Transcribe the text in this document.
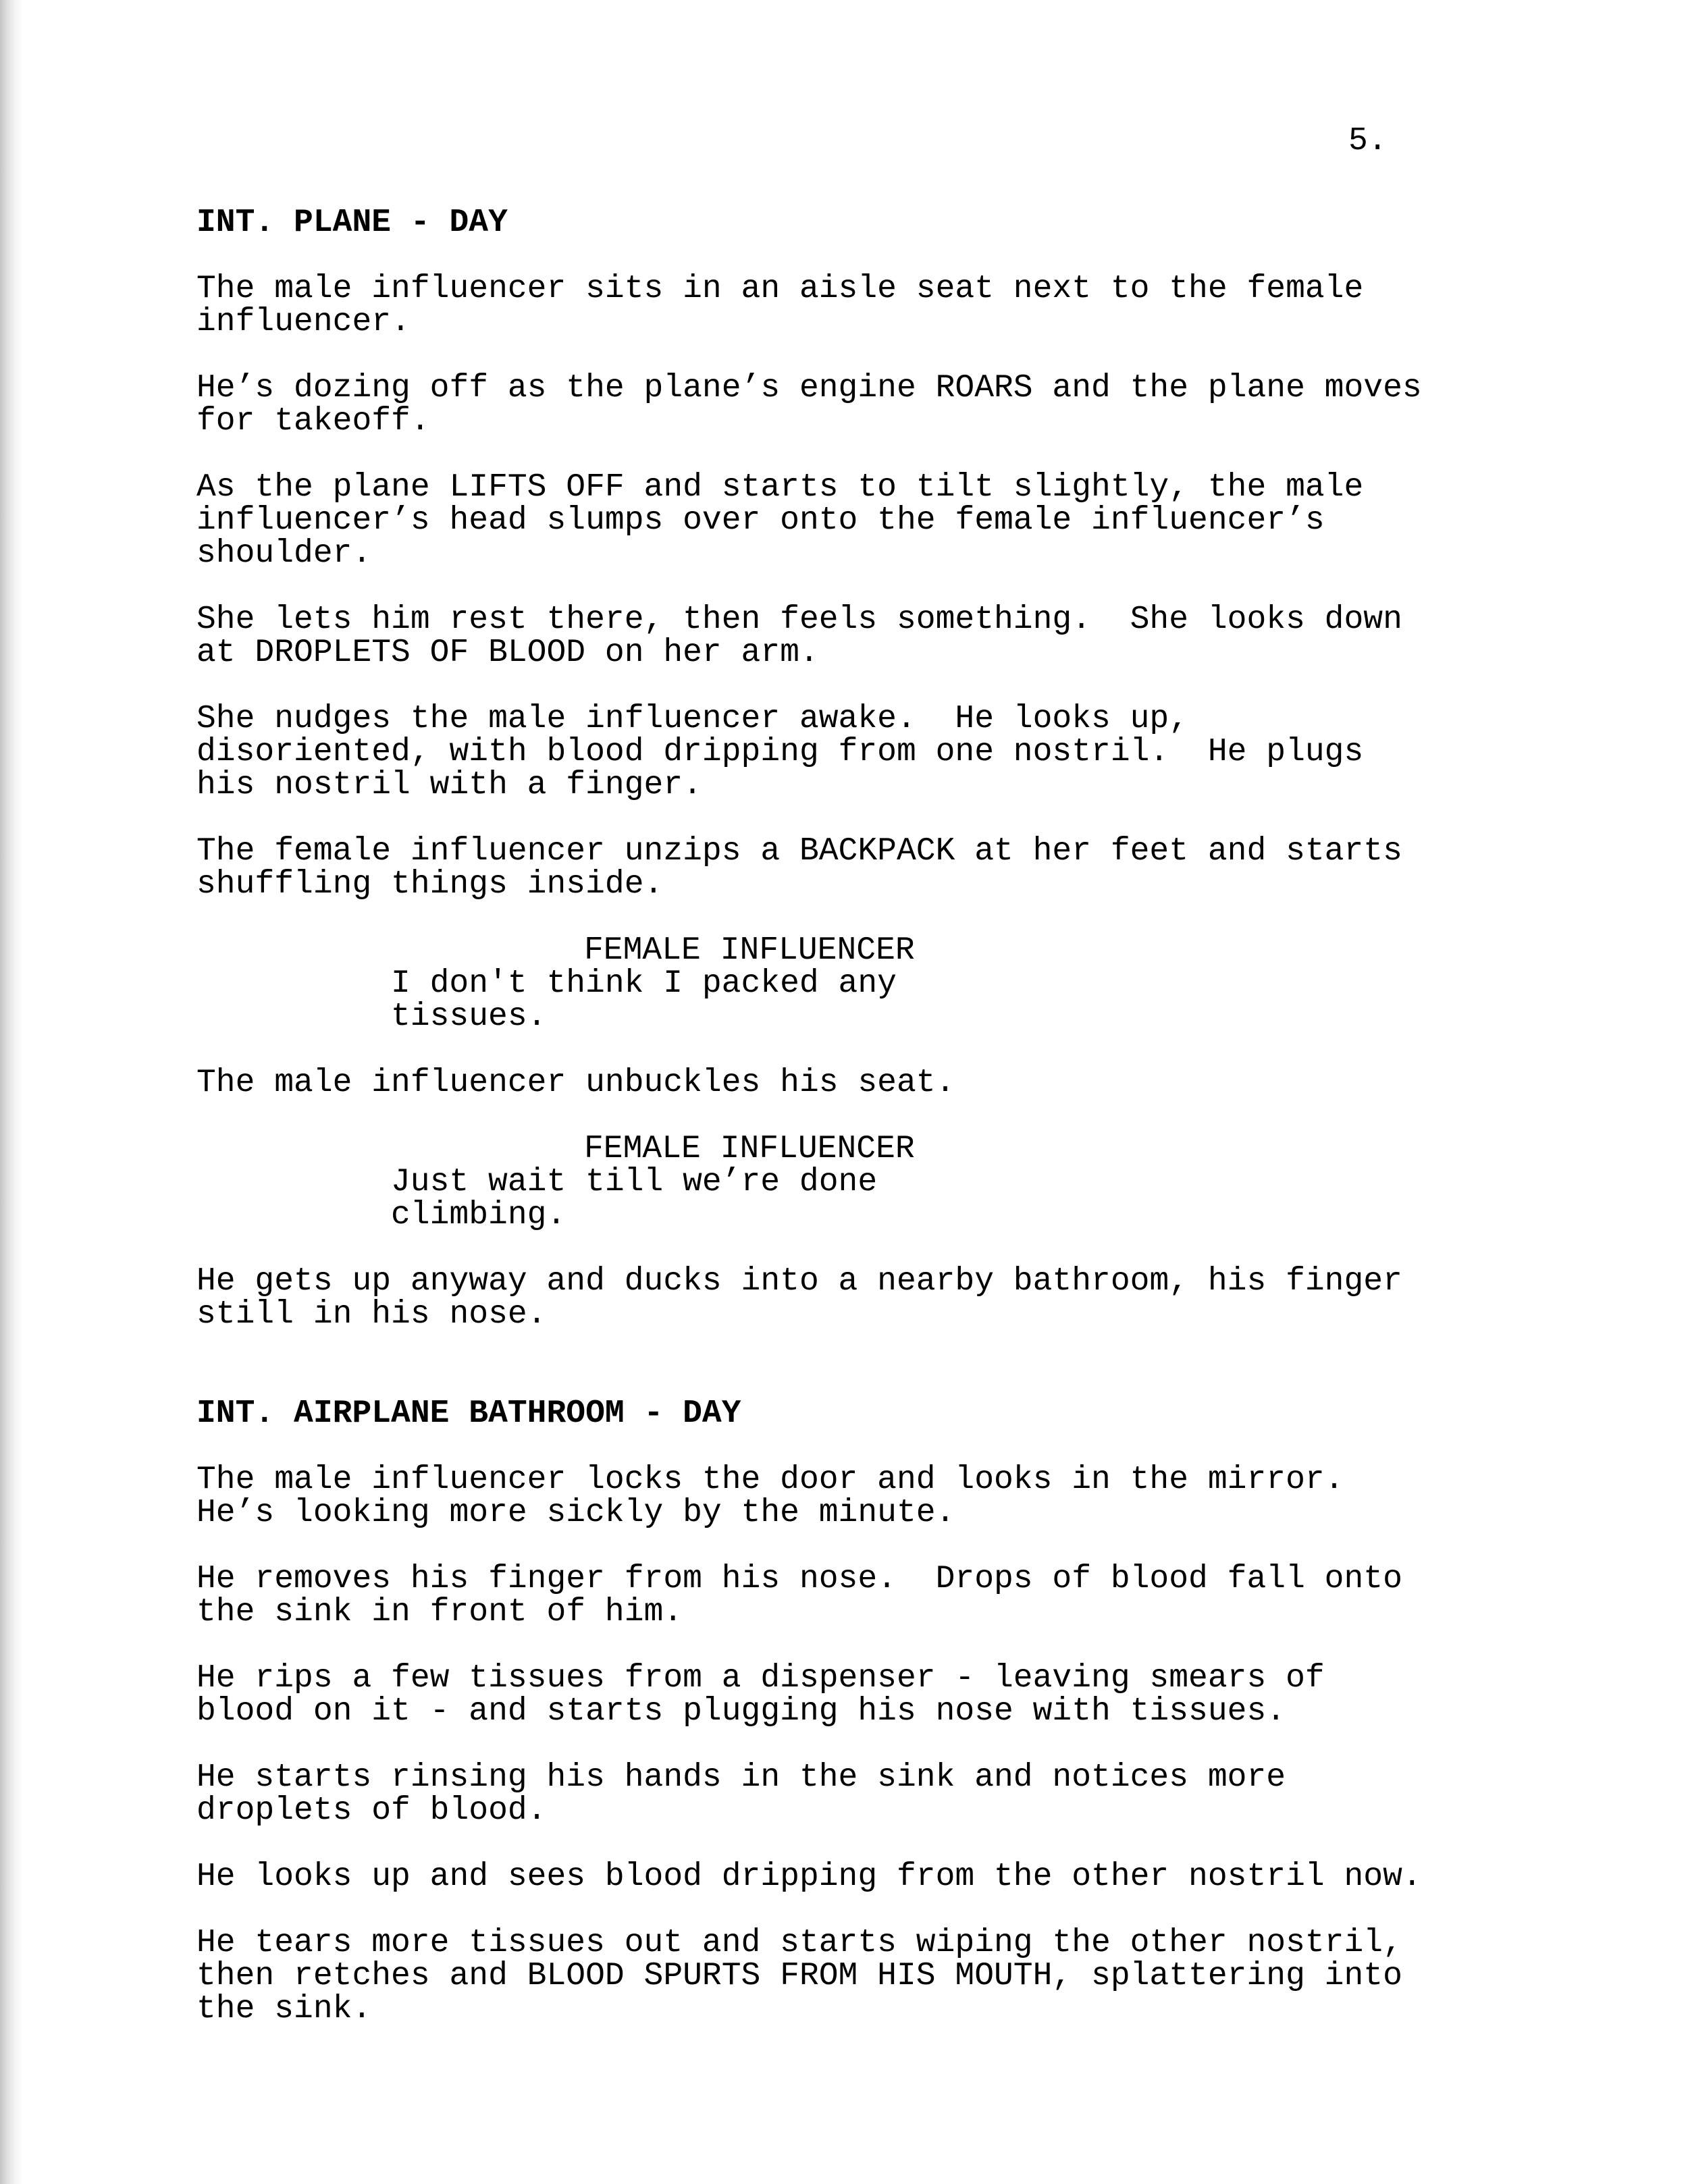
5.
INT. PLANE - DAY
The male influencer sits in an aisle seat next to the female
influencer.
He’s dozing off as the plane’s engine ROARS and the plane moves
for takeoff.
As the plane LIFTS OFF and starts to tilt slightly, the male
influencer’s head slumps over onto the female influencer’s
shoulder.
She lets him rest there, then feels something.  She looks down
at DROPLETS OF BLOOD on her arm.
She nudges the male influencer awake.  He looks up,
disoriented, with blood dripping from one nostril.  He plugs
his nostril with a finger.
The female influencer unzips a BACKPACK at her feet and starts
shuffling things inside.
FEMALE INFLUENCER
I don't think I packed any
tissues.
The male influencer unbuckles his seat.
FEMALE INFLUENCER
Just wait till we’re done
climbing.
He gets up anyway and ducks into a nearby bathroom, his finger
still in his nose.
INT. AIRPLANE BATHROOM - DAY
The male influencer locks the door and looks in the mirror.
He’s looking more sickly by the minute.
He removes his finger from his nose.  Drops of blood fall onto
the sink in front of him.
He rips a few tissues from a dispenser - leaving smears of
blood on it - and starts plugging his nose with tissues.
He starts rinsing his hands in the sink and notices more
droplets of blood.
He looks up and sees blood dripping from the other nostril now.
He tears more tissues out and starts wiping the other nostril,
then retches and BLOOD SPURTS FROM HIS MOUTH, splattering into
the sink.
